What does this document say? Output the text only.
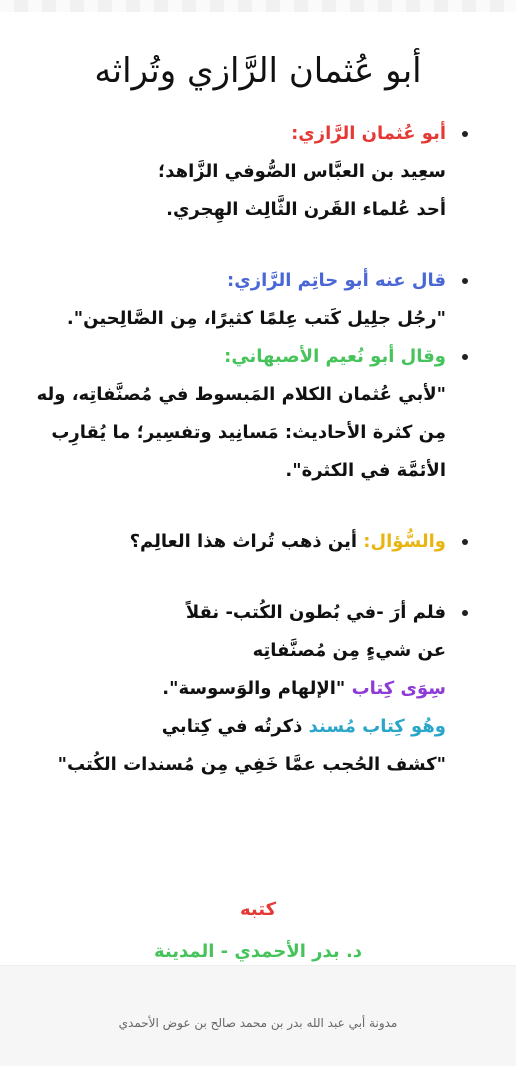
أبو عُثمان الرَّازي وتُراثه
أبو عُثمان الرَّازي:
سعِيد بن العبَّاس الصُّوفي الزَّاهد؛
أحد عُلماء القَرن الثَّالِث الهِجري.
قال عنه أبو حاتِم الرَّازي:
"رجُل جلِيل كَتب عِلمًا كثيرًا، مِن الصَّالِحين".
وقال أبو نُعيم الأصبهاني:
"لأبي عُثمان الكلام المَبسوط في مُصنَّفاتِه، وله
مِن كثرة الأحاديث: مَسانِيد وتفسِير؛ ما يُقارِب
الأئمَّة في الكثرة".
والسُّؤال: أين ذهب تُراث هذا العالِم؟
فلم أرَ -في بُطون الكُتب- نقلاً
عن شيءٍ مِن مُصنَّفاتِه
سِوَى كِتاب "الإلهام والوَسوسة".
وهُو كِتاب مُسند ذكرتُه في كِتابي
"كشف الحُجب عمَّا خَفِي مِن مُسندات الكُتب"
كتبه
د. بدر الأحمدي - المدينة
مدونة أبي عبد الله بدر بن محمد صالح بن عوض الأحمدي
